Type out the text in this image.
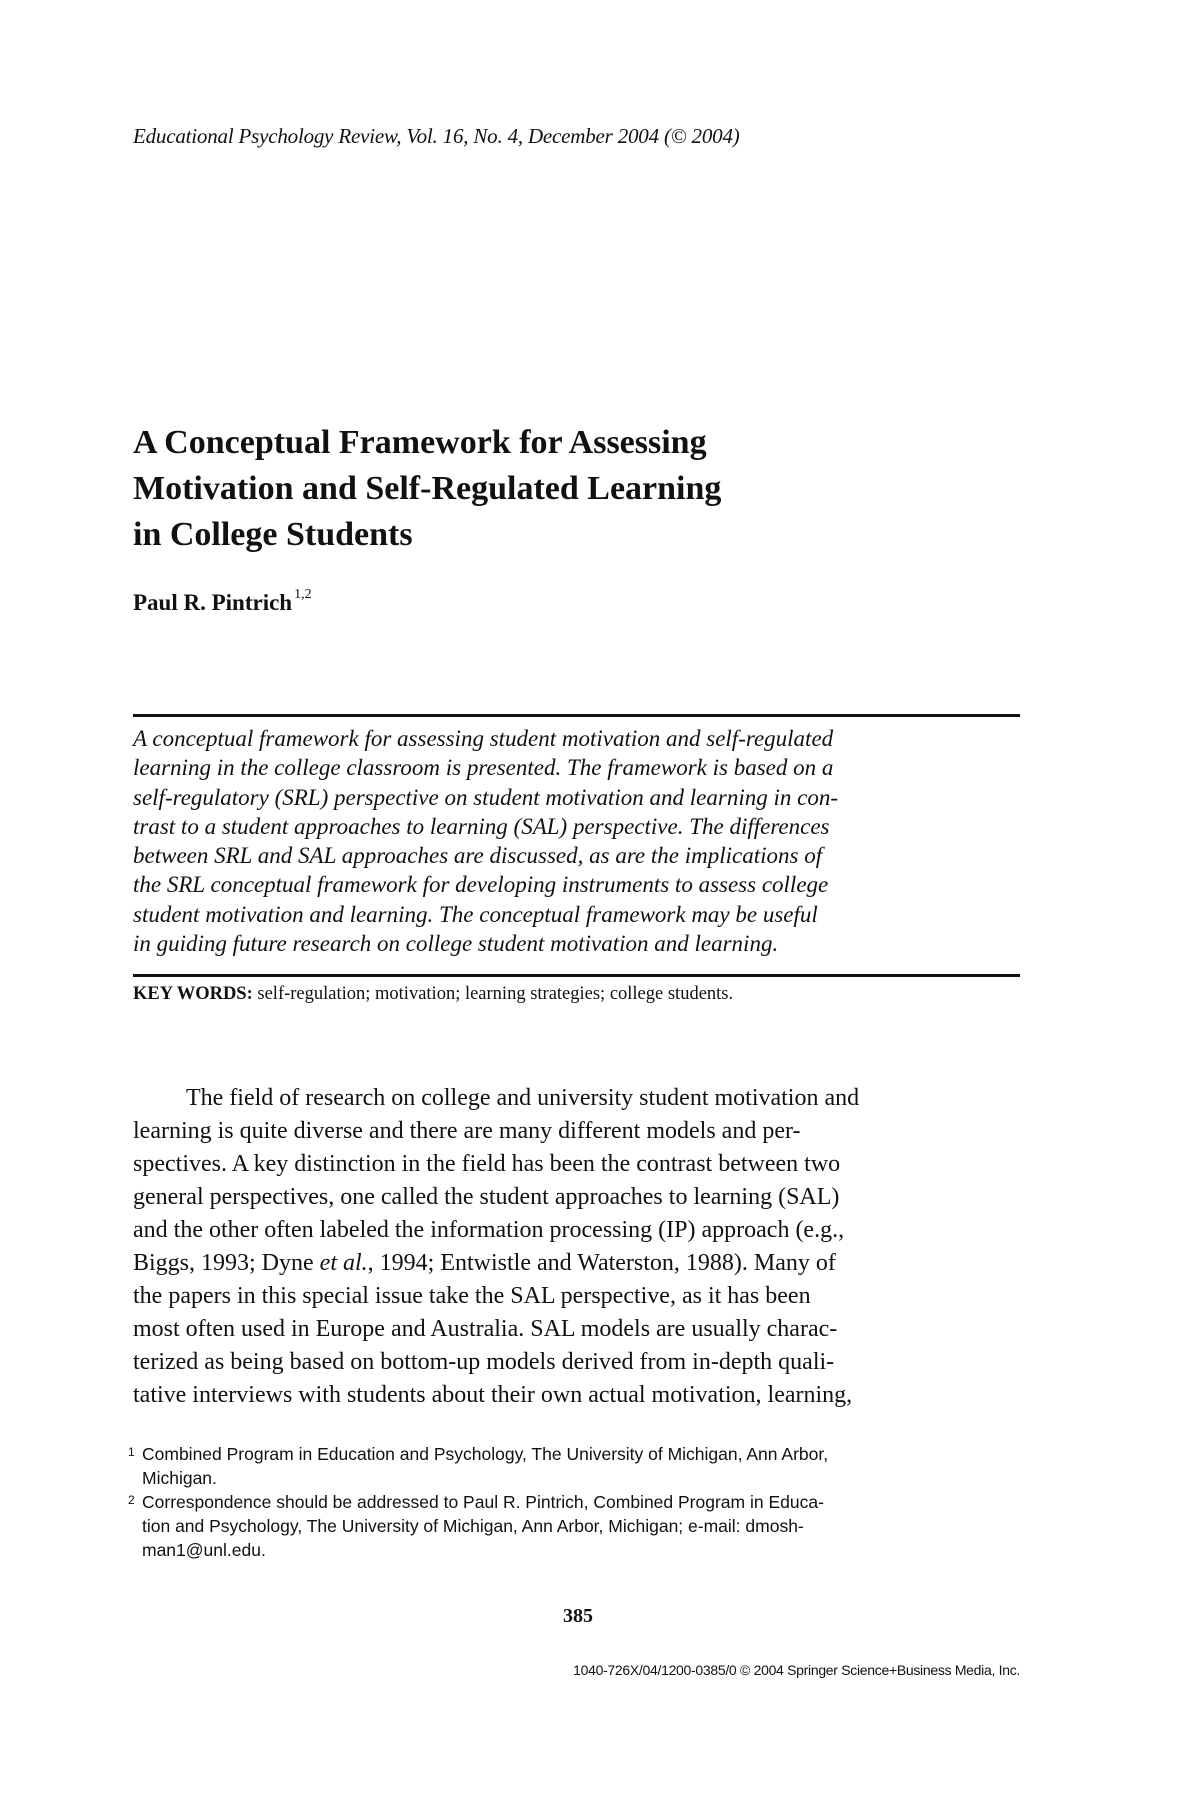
Educational Psychology Review, Vol. 16, No. 4, December 2004 (© 2004)
A Conceptual Framework for Assessing
Motivation and Self-Regulated Learning
in College Students
Paul R. Pintrich $^{1,2}$

A conceptual framework for assessing student motivation and self-regulated
learning in the college classroom is presented. The framework is based on a
self-regulatory (SRL) perspective on student motivation and learning in con-
trast to a student approaches to learning (SAL) perspective. The differences
between SRL and SAL approaches are discussed, as are the implications of
the SRL conceptual framework for developing instruments to assess college
student motivation and learning. The conceptual framework may be useful
in guiding future research on college student motivation and learning.

KEY WORDS: self-regulation; motivation; learning strategies; college students.

The field of research on college and university student motivation and
learning is quite diverse and there are many different models and per-
spectives. A key distinction in the field has been the contrast between two
general perspectives, one called the student approaches to learning (SAL)
and the other often labeled the information processing (IP) approach (e.g.,
Biggs, 1993; Dyne et al., 1994; Entwistle and Waterston, 1988). Many of
the papers in this special issue take the SAL perspective, as it has been
most often used in Europe and Australia. SAL models are usually charac-
terized as being based on bottom-up models derived from in-depth quali-
tative interviews with students about their own actual motivation, learning,

1 Combined Program in Education and Psychology, The University of Michigan, Ann Arbor,
Michigan.
2 Correspondence should be addressed to Paul R. Pintrich, Combined Program in Educa-
tion and Psychology, The University of Michigan, Ann Arbor, Michigan; e-mail: dmosh-
man1@unl.edu.
385
1040-726X/04/1200-0385/0 © 2004 Springer Science+Business Media, Inc.
